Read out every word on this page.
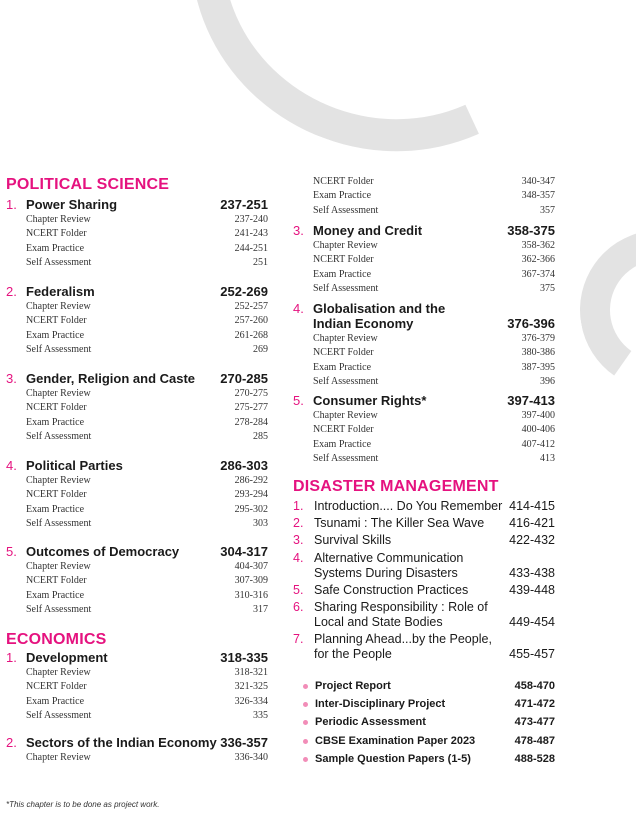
POLITICAL SCIENCE
1. Power Sharing	237-251
Chapter Review	237-240
NCERT Folder	241-243
Exam Practice	244-251
Self Assessment	251
2. Federalism	252-269
Chapter Review	252-257
NCERT Folder	257-260
Exam Practice	261-268
Self Assessment	269
3. Gender, Religion and Caste 270-285
Chapter Review	270-275
NCERT Folder	275-277
Exam Practice	278-284
Self Assessment	285
4. Political Parties	286-303
Chapter Review	286-292
NCERT Folder	293-294
Exam Practice	295-302
Self Assessment	303
5. Outcomes of Democracy	304-317
Chapter Review	404-307
NCERT Folder	307-309
Exam Practice	310-316
Self Assessment	317
ECONOMICS
1. Development	318-335
Chapter Review	318-321
NCERT Folder	321-325
Exam Practice	326-334
Self Assessment	335
2. Sectors of the Indian Economy 336-357
Chapter Review	336-340
NCERT Folder	340-347
Exam Practice	348-357
Self Assessment	357
3. Money and Credit	358-375
Chapter Review	358-362
NCERT Folder	362-366
Exam Practice	367-374
Self Assessment	375
4. Globalisation and the
Indian Economy	376-396
Chapter Review	376-379
NCERT Folder	380-386
Exam Practice	387-395
Self Assessment	396
5. Consumer Rights*	397-413
Chapter Review	397-400
NCERT Folder	400-406
Exam Practice	407-412
Self Assessment	413
DISASTER MANAGEMENT
1. Introduction.... Do You Remember 414-415
2. Tsunami : The Killer Sea Wave	416-421
3. Survival Skills	422-432
4. Alternative Communication
Systems During Disasters	433-438
5. Safe Construction Practices	439-448
6. Sharing Responsibility : Role of
Local and State Bodies	449-454
7. Planning Ahead...by the People,
for the People	455-457
Project Report	458-470
Inter-Disciplinary Project	471-472
Periodic Assessment	473-477
CBSE Examination Paper 2023	478-487
Sample Question Papers (1-5)	488-528
*This chapter is to be done as project work.
